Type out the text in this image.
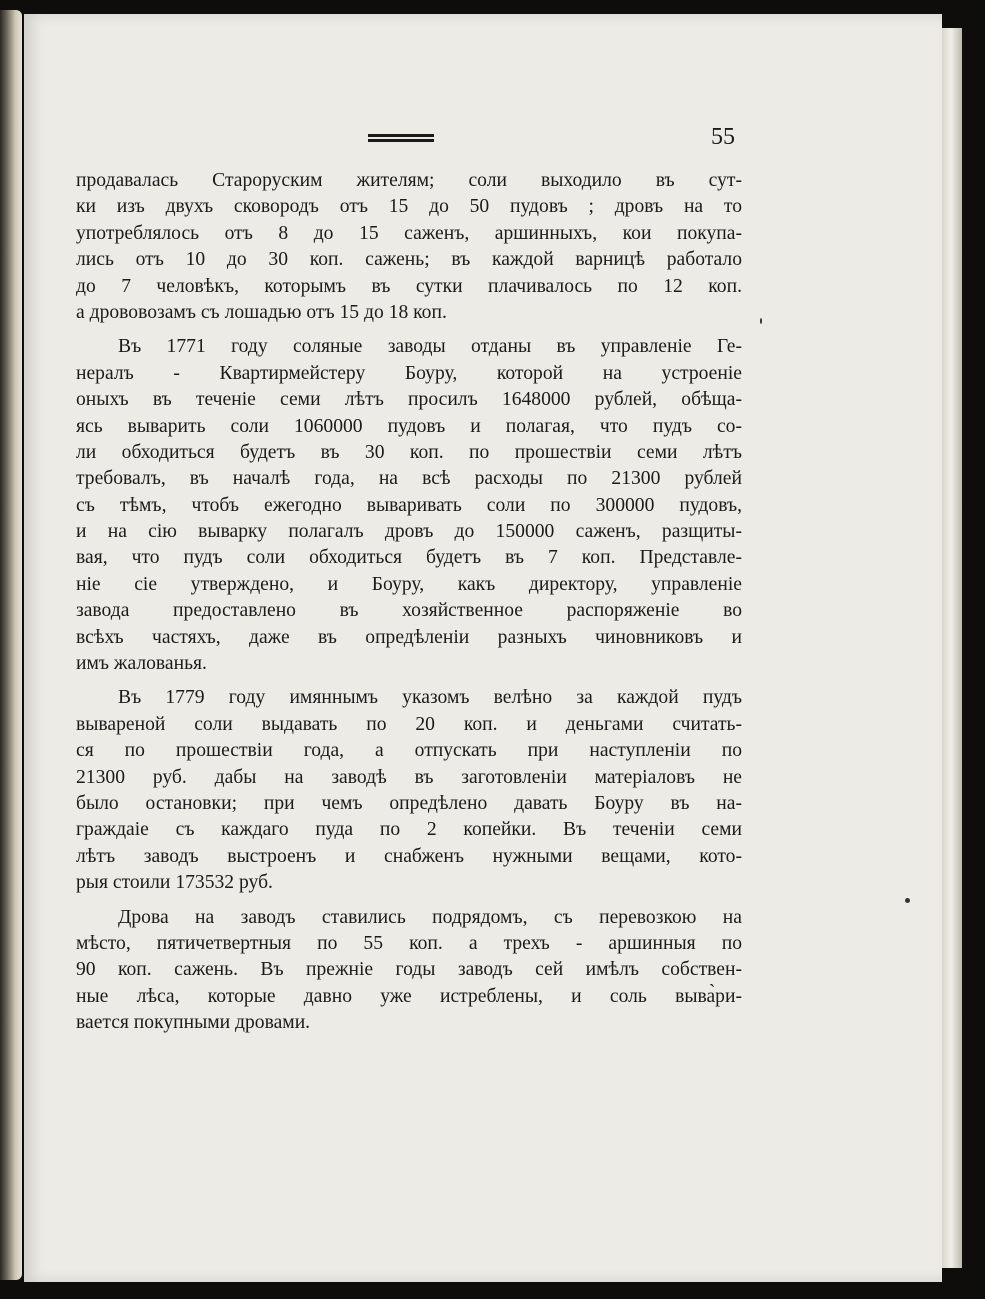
55
продавалась Староруским жителям; соли выходило въ сут-
ки изъ двухъ сковородъ отъ 15 до 50 пудовъ ; дровъ на то
употреблялось отъ 8 до 15 саженъ, аршинныхъ, кои покупа-
лись отъ 10 до 30 коп. сажень; въ каждой варницѣ работало
до 7 человѣкъ, которымъ въ сутки плачивалось по 12 коп.
а дрововозамъ съ лошадью отъ 15 до 18 коп.
Въ 1771 году соляные заводы отданы въ управленіе Ге-
нералъ - Квартирмейстеру Боуру, которой на устроеніе
оныхъ въ теченіе семи лѣтъ просилъ 1648000 рублей, обѣща-
ясь выварить соли 1060000 пудовъ и полагая, что пудъ со-
ли обходиться будетъ въ 30 коп. по прошествіи семи лѣтъ
требовалъ, въ началѣ года, на всѣ расходы по 21300 рублей
съ тѣмъ, чтобъ ежегодно вываривать соли по 300000 пудовъ,
и на сію выварку полагалъ дровъ до 150000 саженъ, разщиты-
вая, что пудъ соли обходиться будетъ въ 7 коп. Представле-
ніе сіе утверждено, и Боуру, какъ директору, управленіе
завода предоставлено въ хозяйственное распоряженіе во
всѣхъ частяхъ, даже въ опредѣленіи разныхъ чиновниковъ и
имъ жалованья.
Въ 1779 году имяннымъ указомъ велѣно за каждой пудъ
вывареной соли выдавать по 20 коп. и деньгами считать-
ся по прошествіи года, а отпускать при наступленіи по
21300 руб. дабы на заводѣ въ заготовленіи матеріаловъ не
было остановки; при чемъ опредѣлено давать Боуру въ на-
граждаіе съ каждаго пуда по 2 копейки. Въ теченіи семи
лѣтъ заводъ выстроенъ и снабженъ нужными вещами, кото-
рыя стоили 173532 руб.
Дрова на заводъ ставились подрядомъ, съ перевозкою на
мѣсто, пятичетвертныя по 55 коп. а трехъ - аршинныя по
90 коп. сажень. Въ прежніе годы заводъ сей имѣлъ собствен-
ные лѣса, которые давно уже истреблены, и соль выва̀ри-
вается покупными дровами.
